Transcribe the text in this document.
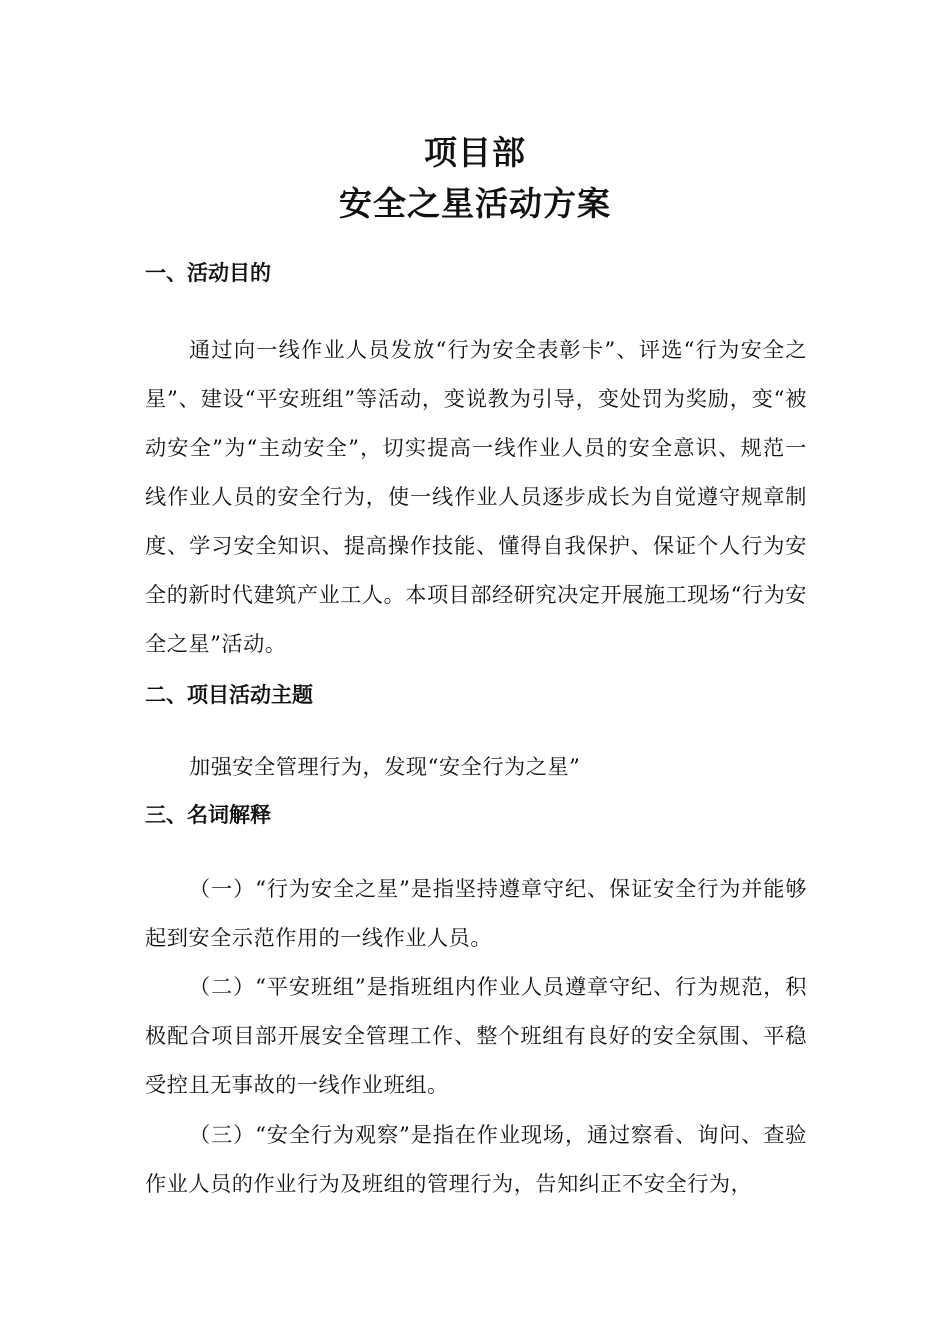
项目部
安全之星活动方案
一、活动目的

通过向一线作业人员发放“行为安全表彰卡”、评选“行为安全之星”、建设“平安班组”等活动，变说教为引导，变处罚为奖励，变“被动安全”为“主动安全”，切实提高一线作业人员的安全意识、规范一线作业人员的安全行为，使一线作业人员逐步成长为自觉遵守规章制度、学习安全知识、提高操作技能、懂得自我保护、保证个人行为安全的新时代建筑产业工人。本项目部经研究决定开展施工现场“行为安全之星”活动。

二、项目活动主题

加强安全管理行为，发现“安全行为之星”

三、名词解释

（一）“行为安全之星”是指坚持遵章守纪、保证安全行为并能够起到安全示范作用的一线作业人员。

（二）“平安班组”是指班组内作业人员遵章守纪、行为规范，积极配合项目部开展安全管理工作、整个班组有良好的安全氛围、平稳受控且无事故的一线作业班组。

（三）“安全行为观察”是指在作业现场，通过察看、询问、查验作业人员的作业行为及班组的管理行为，告知纠正不安全行为，
